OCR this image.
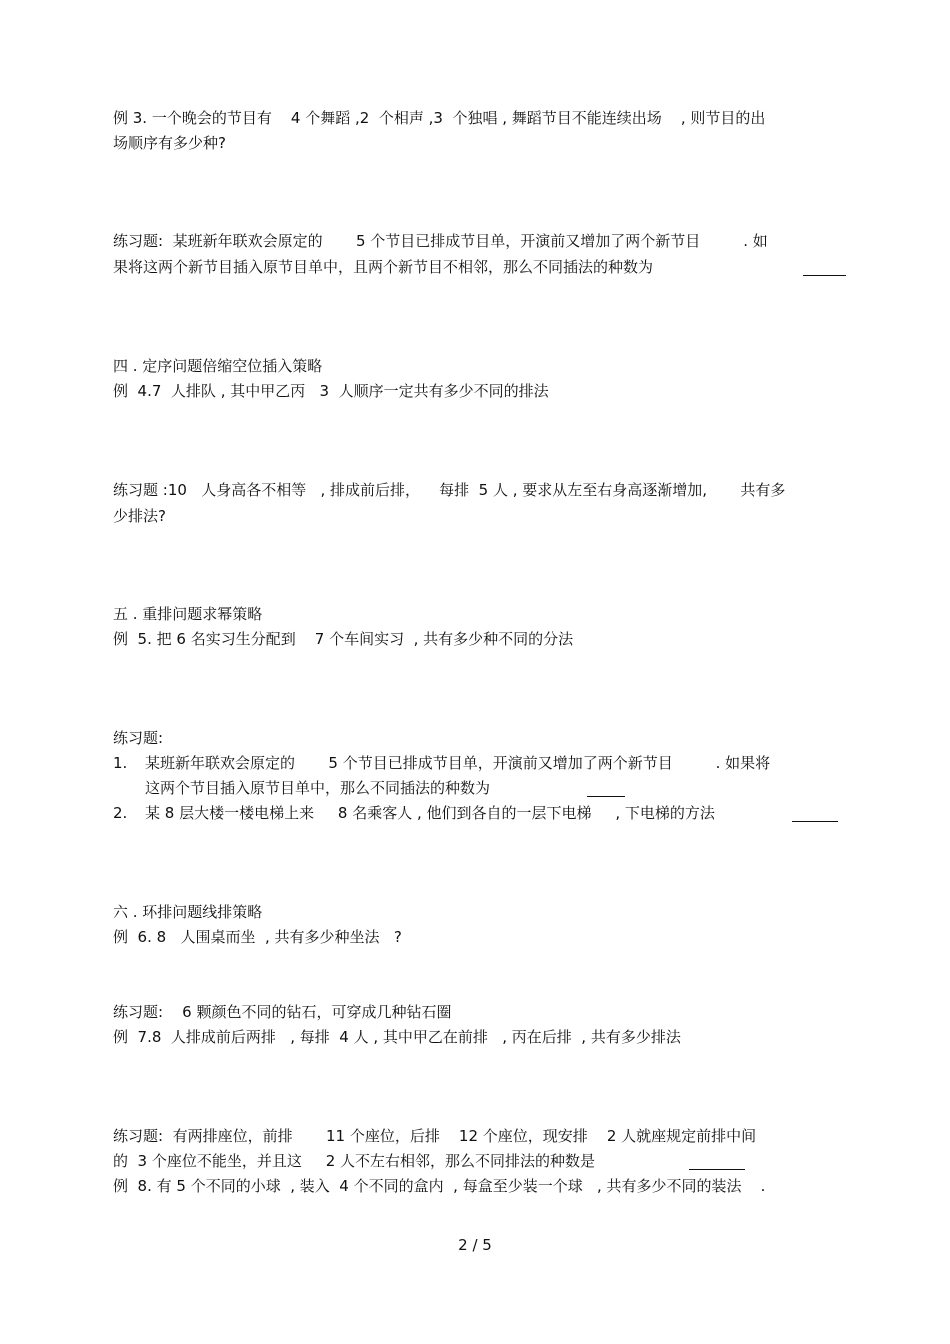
例 3. 一个晚会的节目有    4 个舞蹈 ,2  个相声 ,3  个独唱 , 舞蹈节目不能连续出场    , 则节目的出
场顺序有多少种?
练习题:  某班新年联欢会原定的       5 个节目已排成节目单，开演前又增加了两个新节目         . 如
果将这两个新节目插入原节目单中，且两个新节目不相邻，那么不同插法的种数为
四 . 定序问题倍缩空位插入策略
例  4.7  人排队 , 其中甲乙丙   3  人顺序一定共有多少不同的排法
练习题 :10   人身高各不相等   , 排成前后排，    每排  5 人 , 要求从左至右身高逐渐增加,       共有多
少排法?
五 . 重排问题求幂策略
例  5. 把 6 名实习生分配到    7 个车间实习  , 共有多少种不同的分法
练习题:
1. 某班新年联欢会原定的       5 个节目已排成节目单，开演前又增加了两个新节目         . 如果将
这两个节目插入原节目单中，那么不同插法的种数为
2. 某 8 层大楼一楼电梯上来     8 名乘客人 , 他们到各自的一层下电梯     , 下电梯的方法
六 . 环排问题线排策略
例  6. 8   人围桌而坐  , 共有多少种坐法   ?
练习题:    6 颗颜色不同的钻石，可穿成几种钻石圈
例  7.8  人排成前后两排   , 每排  4 人 , 其中甲乙在前排   , 丙在后排  , 共有多少排法
练习题:  有两排座位，前排       11 个座位，后排    12 个座位，现安排    2 人就座规定前排中间
的  3 个座位不能坐，并且这     2 人不左右相邻，那么不同排法的种数是
例  8. 有 5 个不同的小球  , 装入  4 个不同的盒内  , 每盒至少装一个球   , 共有多少不同的装法    .
2 / 5
